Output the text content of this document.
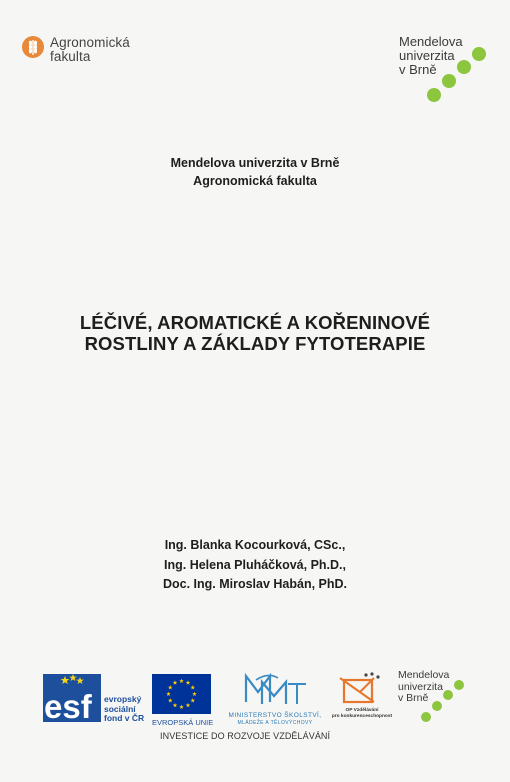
Agronomická
fakulta
Mendelova
univerzita
v Brně
Mendelova univerzita v Brně
Agronomická fakulta
LÉČIVÉ, AROMATICKÉ A KOŘENINOVÉ
ROSTLINY A ZÁKLADY FYTOTERAPIE
Ing. Blanka Kocourková, CSc.,
Ing. Helena Pluháčková, Ph.D.,
Doc. Ing. Miroslav Habán, PhD.
esf evropský
sociální
fond v ČR EVROPSKÁ UNIE
MINISTERSTVO ŠKOLSTVÍ,
MLÁDEŽE A TĚLOVÝCHOVY
OP Vzdělávání
pro konkurenceschopnost
Mendelova
univerzita
v Brně
INVESTICE DO ROZVOJE VZDĚLÁVÁNÍ
